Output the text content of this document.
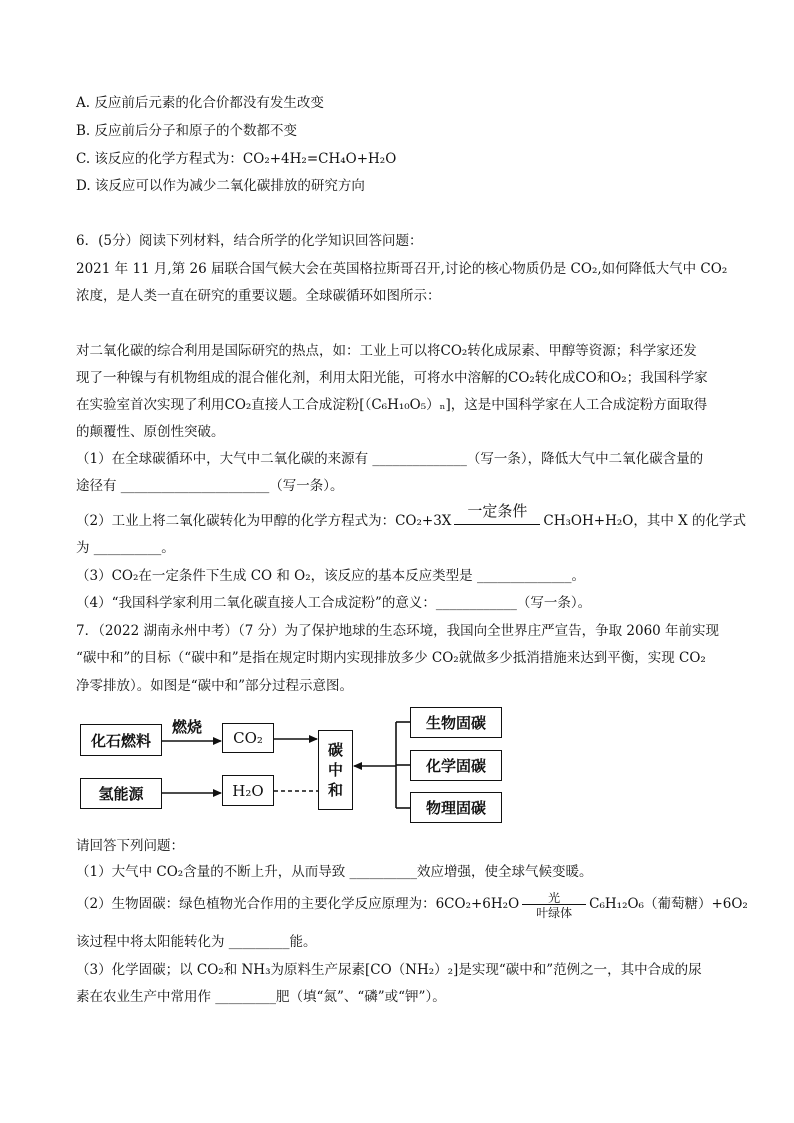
A. 反应前后元素的化合价都没有发生改变
B. 反应前后分子和原子的个数都不变
C. 该反应的化学方程式为：CO₂+4H₂=CH₄O+H₂O
D. 该反应可以作为减少二氧化碳排放的研究方向
6．(5分）阅读下列材料，结合所学的化学知识回答问题：
2021 年 11 月,第 26 届联合国气候大会在英国格拉斯哥召开,讨论的核心物质仍是 CO₂,如何降低大气中 CO₂
浓度，是人类一直在研究的重要议题。全球碳循环如图所示：
对二氧化碳的综合利用是国际研究的热点，如：工业上可以将CO₂转化成尿素、甲醇等资源；科学家还发
现了一种镍与有机物组成的混合催化剂，利用太阳光能，可将水中溶解的CO₂转化成CO和O₂；我国科学家
在实验室首次实现了利用CO₂直接人工合成淀粉[（C₆H₁₀O₅）ₙ]，这是中国科学家在人工合成淀粉方面取得
的颠覆性、原创性突破。
（1）在全球碳循环中，大气中二氧化碳的来源有 ______________（写一条），降低大气中二氧化碳含量的
途径有 ______________________（写一条）。
（2）工业上将二氧化碳转化为甲醇的化学方程式为：CO₂+3X
一定条件
CH₃OH+H₂O，其中 X 的化学式
为 __________。
（3）CO₂在一定条件下生成 CO 和 O₂，该反应的基本反应类型是 ______________。
（4）“我国科学家利用二氧化碳直接人工合成淀粉”的意义：____________（写一条）。
7．（2022 湖南永州中考）（7 分）为了保护地球的生态环境，我国向全世界庄严宣告，争取 2060 年前实现
“碳中和”的目标（“碳中和”是指在规定时期内实现排放多少 CO₂就做多少抵消措施来达到平衡，实现 CO₂
净零排放）。如图是“碳中和”部分过程示意图。
化石燃料
燃烧
CO₂
碳中和
氢能源	H₂O
生物固碳
化学固碳
物理固碳
请回答下列问题：
（1）大气中 CO₂含量的不断上升，从而导致 __________效应增强，使全球气候变暖。
（2）生物固碳：绿色植物光合作用的主要化学反应原理为：6CO₂+6H₂O	光
叶绿体
C₆H₁₂O₆（葡萄糖）+6O₂
该过程中将太阳能转化为 _________能。
（3）化学固碳；以 CO₂和 NH₃为原料生产尿素[CO（NH₂）₂]是实现“碳中和”范例之一，其中合成的尿
素在农业生产中常用作 _________肥（填“氮”、“磷”或“钾”）。
